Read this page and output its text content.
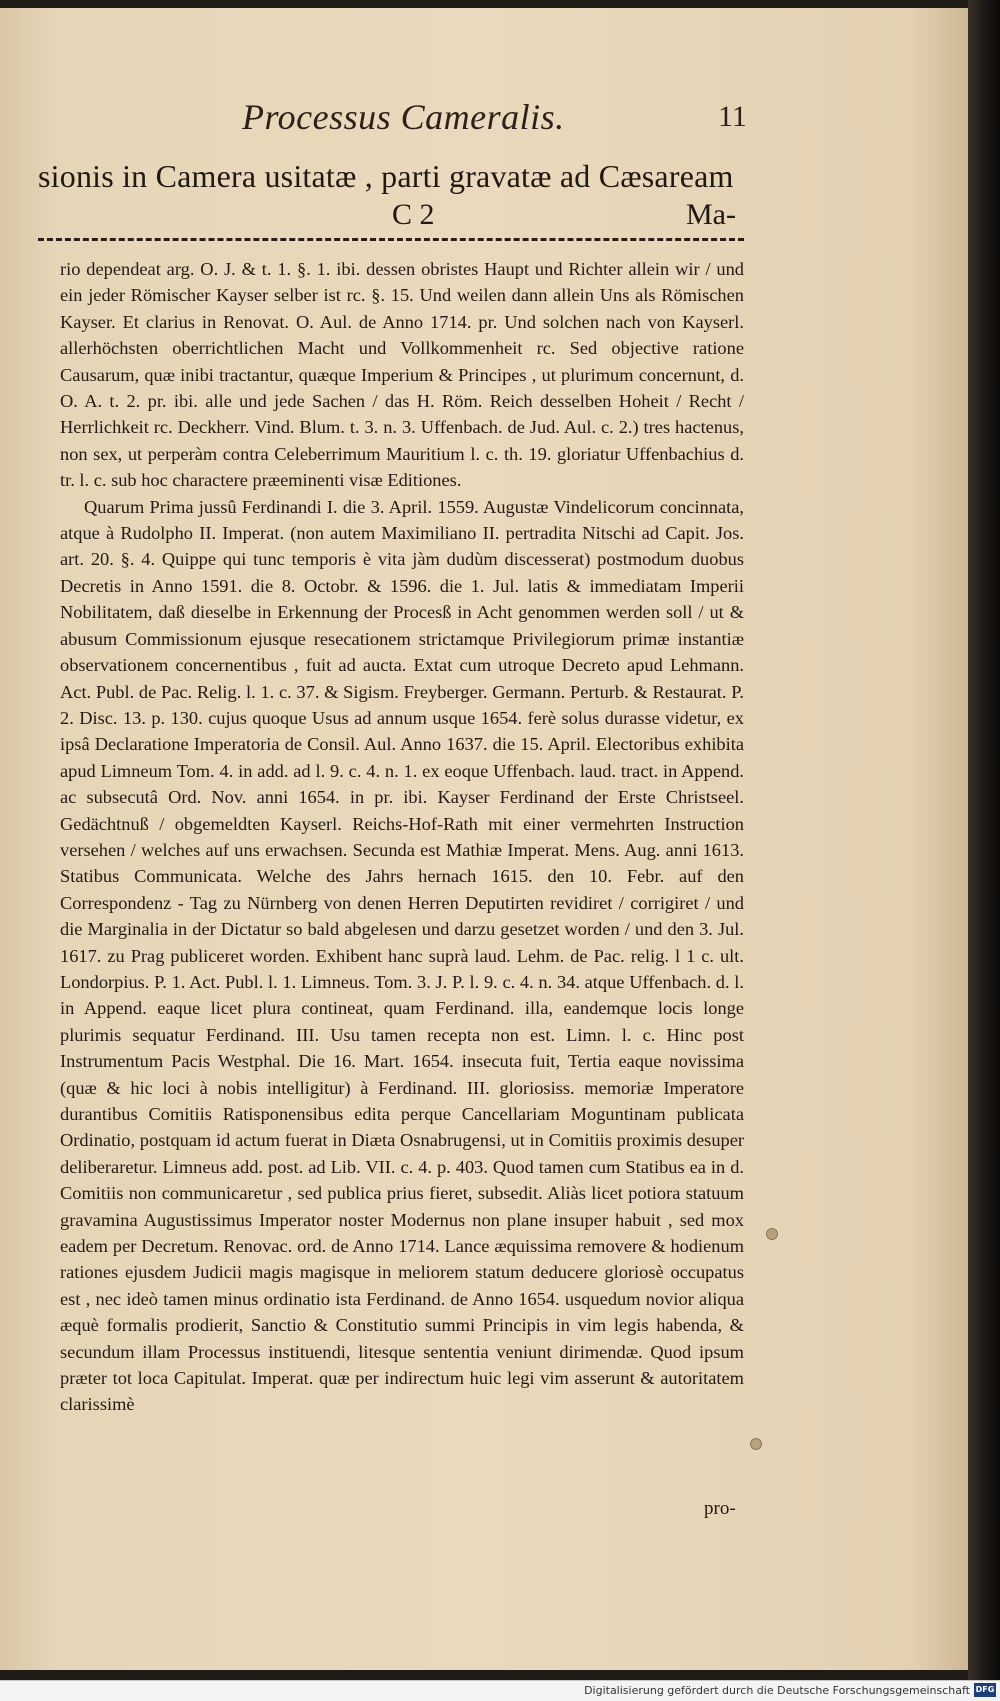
Processus Cameralis.	11
sionis in Camera usitatæ , parti gravatæ ad Cæsaream
C 2	Ma-

rio dependeat arg. O. J. & t. 1. §. 1. ibi. dessen obristes Haupt und Richter allein wir / und ein jeder Römischer Kayser selber ist rc. §. 15. Und weilen dann allein Uns als Römischen Kayser. Et clarius in Renovat. O. Aul. de Anno 1714. pr. Und solchen nach von Kayserl. allerhöchsten oberrichtlichen Macht und Vollkommenheit rc. Sed objective ratione Causarum, quæ inibi tractantur, quæque Imperium & Principes , ut plurimum concernunt, d. O. A. t. 2. pr. ibi. alle und jede Sachen / das H. Röm. Reich desselben Hoheit / Recht / Herrlichkeit rc. Deckherr. Vind. Blum. t. 3. n. 3. Uffenbach. de Jud. Aul. c. 2.) tres hactenus, non sex, ut perperàm contra Celeberrimum Mauritium l. c. th. 19. gloriatur Uffenbachius d. tr. l. c. sub hoc charactere præeminenti visæ Editiones.

Quarum Prima jussû Ferdinandi I. die 3. April. 1559. Augustæ Vindelicorum concinnata, atque à Rudolpho II. Imperat. (non autem Maximiliano II. pertradita Nitschi ad Capit. Jos. art. 20. §. 4. Quippe qui tunc temporis è vita jàm dudùm discesserat) postmodum duobus Decretis in Anno 1591. die 8. Octobr. & 1596. die 1. Jul. latis & immediatam Imperii Nobilitatem, daß dieselbe in Erkennung der Procesß in Acht genommen werden soll / ut & abusum Commissionum ejusque resecationem strictamque Privilegiorum primæ instantiæ observationem concernentibus , fuit ad aucta. Extat cum utroque Decreto apud Lehmann. Act. Publ. de Pac. Relig. l. 1. c. 37. & Sigism. Freyberger. Germann. Perturb. & Restaurat. P. 2. Disc. 13. p. 130. cujus quoque Usus ad annum usque 1654. ferè solus durasse videtur, ex ipsâ Declaratione Imperatoria de Consil. Aul. Anno 1637. die 15. April. Electoribus exhibita apud Limneum Tom. 4. in add. ad l. 9. c. 4. n. 1. ex eoque Uffenbach. laud. tract. in Append. ac subsecutâ Ord. Nov. anni 1654. in pr. ibi. Kayser Ferdinand der Erste Christseel. Gedächtnuß / obgemeldten Kayserl. Reichs-Hof-Rath mit einer vermehrten Instruction versehen / welches auf uns erwachsen. Secunda est Mathiæ Imperat. Mens. Aug. anni 1613. Statibus Communicata. Welche des Jahrs hernach 1615. den 10. Febr. auf den Correspondenz - Tag zu Nürnberg von denen Herren Deputirten revidiret / corrigiret / und die Marginalia in der Dictatur so bald abgelesen und darzu gesetzet worden / und den 3. Jul. 1617. zu Prag publiceret worden. Exhibent hanc suprà laud. Lehm. de Pac. relig. l 1 c. ult. Londorpius. P. 1. Act. Publ. l. 1. Limneus. Tom. 3. J. P. l. 9. c. 4. n. 34. atque Uffenbach. d. l. in Append. eaque licet plura contineat, quam Ferdinand. illa, eandemque locis longe plurimis sequatur Ferdinand. III. Usu tamen recepta non est. Limn. l. c. Hinc post Instrumentum Pacis Westphal. Die 16. Mart. 1654. insecuta fuit, Tertia eaque novissima (quæ & hic loci à nobis intelligitur) à Ferdinand. III. gloriosiss. memoriæ Imperatore durantibus Comitiis Ratisponensibus edita perque Cancellariam Moguntinam publicata Ordinatio, postquam id actum fuerat in Diæta Osnabrugensi, ut in Comitiis proximis desuper deliberaretur. Limneus add. post. ad Lib. VII. c. 4. p. 403. Quod tamen cum Statibus ea in d. Comitiis non communicaretur , sed publica prius fieret, subsedit. Aliàs licet potiora statuum gravamina Augustissimus Imperator noster Modernus non plane insuper habuit , sed mox eadem per Decretum. Renovac. ord. de Anno 1714. Lance æquissima removere & hodienum rationes ejusdem Judicii magis magisque in meliorem statum deducere gloriosè occupatus est , nec ideò tamen minus ordinatio ista Ferdinand. de Anno 1654. usquedum novior aliqua æquè formalis prodierit, Sanctio & Constitutio summi Principis in vim legis habenda, & secundum illam Processus instituendi, litesque sententia veniunt dirimendæ. Quod ipsum præter tot loca Capitulat. Imperat. quæ per indirectum huic legi vim asserunt & autoritatem clarissimè

pro-
Digitalisierung gefördert durch die Deutsche Forschungsgemeinschaft DFG
